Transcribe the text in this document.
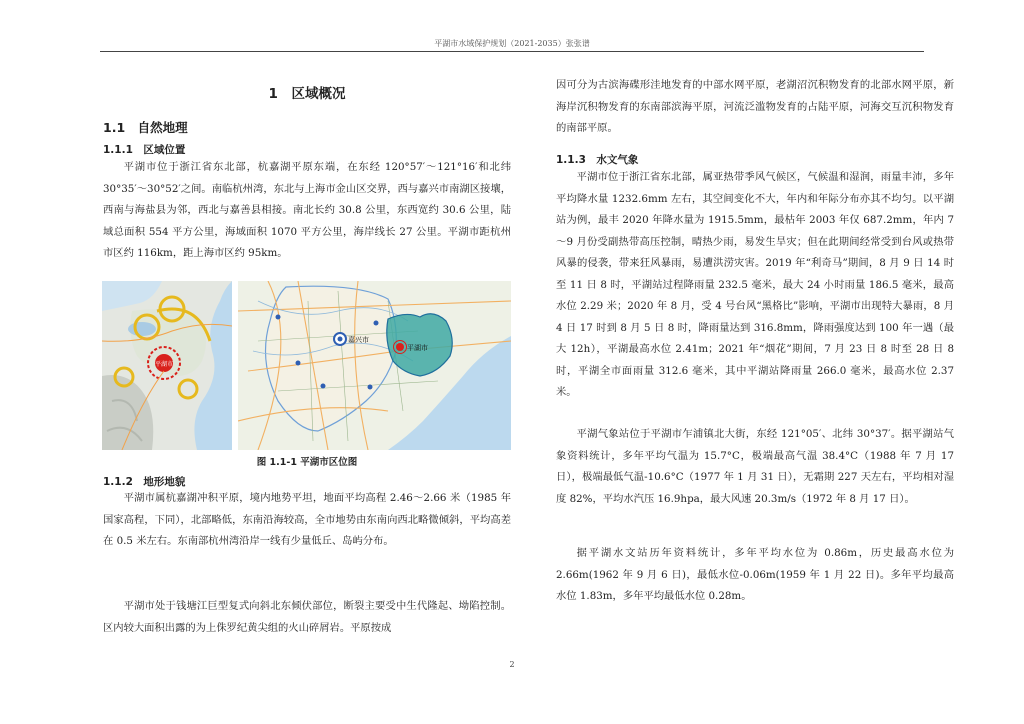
平湖市水域保护规划（2021-2035）张张谱
1　区域概况
1.1　自然地理
1.1.1　区域位置
平湖市位于浙江省东北部，杭嘉湖平原东端，在东经 120°57′～121°16′和北纬 30°35′～30°52′之间。南临杭州湾，东北与上海市金山区交界，西与嘉兴市南湖区接壤，西南与海盐县为邻，西北与嘉善县相接。南北长约 30.8 公里，东西宽约 30.6 公里，陆域总面积 554 平方公里，海域面积 1070 平方公里，海岸线长 27 公里。平湖市距杭州市区约 116km，距上海市区约 95km。
图 1.1-1 平湖市区位图
1.1.2　地形地貌
平湖市属杭嘉湖冲积平原，境内地势平坦，地面平均高程 2.46～2.66 米（1985 年国家高程，下同），北部略低，东南沿海较高，全市地势由东南向西北略微倾斜，平均高差在 0.5 米左右。东南部杭州湾沿岸一线有少量低丘、岛屿分布。
平湖市处于钱塘江巨型复式向斜北东倾伏部位，断裂主要受中生代隆起、坳陷控制。区内较大面积出露的为上侏罗纪黄尖组的火山碎屑岩。平原按成
平湖市
平湖市
嘉兴市
因可分为古滨海碟形洼地发育的中部水网平原，老湖沼沉积物发育的北部水网平原，新海岸沉积物发育的东南部滨海平原，河流泛滥物发育的占陆平原，河海交互沉积物发育的南部平原。
1.1.3　水文气象
平湖市位于浙江省东北部，属亚热带季风气候区，气候温和湿润，雨量丰沛，多年平均降水量 1232.6mm 左右，其空间变化不大，年内和年际分布亦其不均匀。以平湖站为例，最丰 2020 年降水量为 1915.5mm，最枯年 2003 年仅 687.2mm，年内 7～9 月份受副热带高压控制，晴热少雨，易发生旱灾；但在此期间经常受到台风或热带风暴的侵袭，带来狂风暴雨，易遭洪涝灾害。2019 年“利奇马”期间，8 月 9 日 14 时至 11 日 8 时，平湖站过程降雨量 232.5 毫米，最大 24 小时雨量 186.5 毫米，最高水位 2.29 米；2020 年 8 月，受 4 号台风“黑格比”影响，平湖市出现特大暴雨，8 月 4 日 17 时到 8 月 5 日 8 时，降雨量达到 316.8mm，降雨强度达到 100 年一遇（最大 12h），平湖最高水位 2.41m；2021 年“烟花”期间，7 月 23 日 8 时至 28 日 8 时，平湖全市面雨量 312.6 毫米，其中平湖站降雨量 266.0 毫米，最高水位 2.37 米。
平湖气象站位于平湖市乍浦镇北大街，东经 121°05′、北纬 30°37′。据平湖站气象资料统计，多年平均气温为 15.7°C，极端最高气温 38.4°C（1988 年 7 月 17 日），极端最低气温-10.6°C（1977 年 1 月 31 日），无霜期 227 天左右，平均相对湿度 82%，平均水汽压 16.9hpa，最大风速 20.3m/s（1972 年 8 月 17 日）。
据平湖水文站历年资料统计，多年平均水位为 0.86m，历史最高水位为 2.66m(1962 年 9 月 6 日)，最低水位-0.06m(1959 年 1 月 22 日)。多年平均最高水位 1.83m，多年平均最低水位 0.28m。
2
